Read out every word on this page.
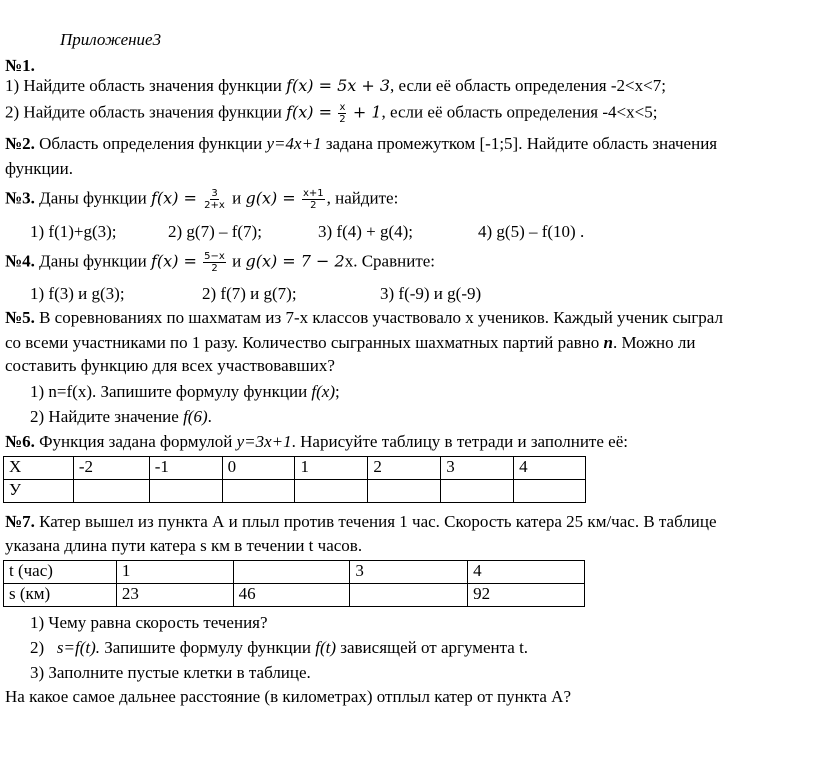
Приложение3
№1.
1) Найдите область значения функции f(x) = 5x + 3, если её область определения -2<x<7;
2) Найдите область значения функции $f(x) = \frac{x}{2} + 1$, если её область определения -4<x<5;
№2. Область определения функции y=4x+1 задана промежутком [-1;5]. Найдите область значения
функции.
№3. Даны функции $f(x) = \frac{3}{2+x}$ и $g(x) = \frac{x+1}{2}$ , найдите:
1) f(1)+g(3);	2) g(7) – f(7);	3) f(4) + g(4);	4) g(5) – f(10) .
№4. Даны функции $f(x) = \frac{5-x}{2}$ и g(x) = 7 − 2x. Сравните:
1) f(3) и g(3);	2) f(7) и g(7);	3) f(-9) и g(-9)
№5. В соревнованиях по шахматам из 7-х классов участвовало х учеников. Каждый ученик сыграл
со всеми участниками по 1 разу. Количество сыгранных шахматных партий равно n. Можно ли
составить функцию для всех участвовавших?
1) n=f(x). Запишите формулу функции f(x);
2) Найдите значение f(6).
№6. Функция задана формулой y=3x+1. Нарисуйте таблицу в тетради и заполните её:
X	-2	-1	0	1	2	3	4
У							
№7. Катер вышел из пункта А и плыл против течения 1 час. Скорость катера 25 км/час. В таблице
указана длина пути катера s км в течении t часов.
t (час)	1		3	4
s (км)	23	46		92
1) Чему равна скорость течения?
2) s=f(t). Запишите формулу функции f(t) зависящей от аргумента t.
3) Заполните пустые клетки в таблице.
На какое самое дальнее расстояние (в километрах) отплыл катер от пункта А?
